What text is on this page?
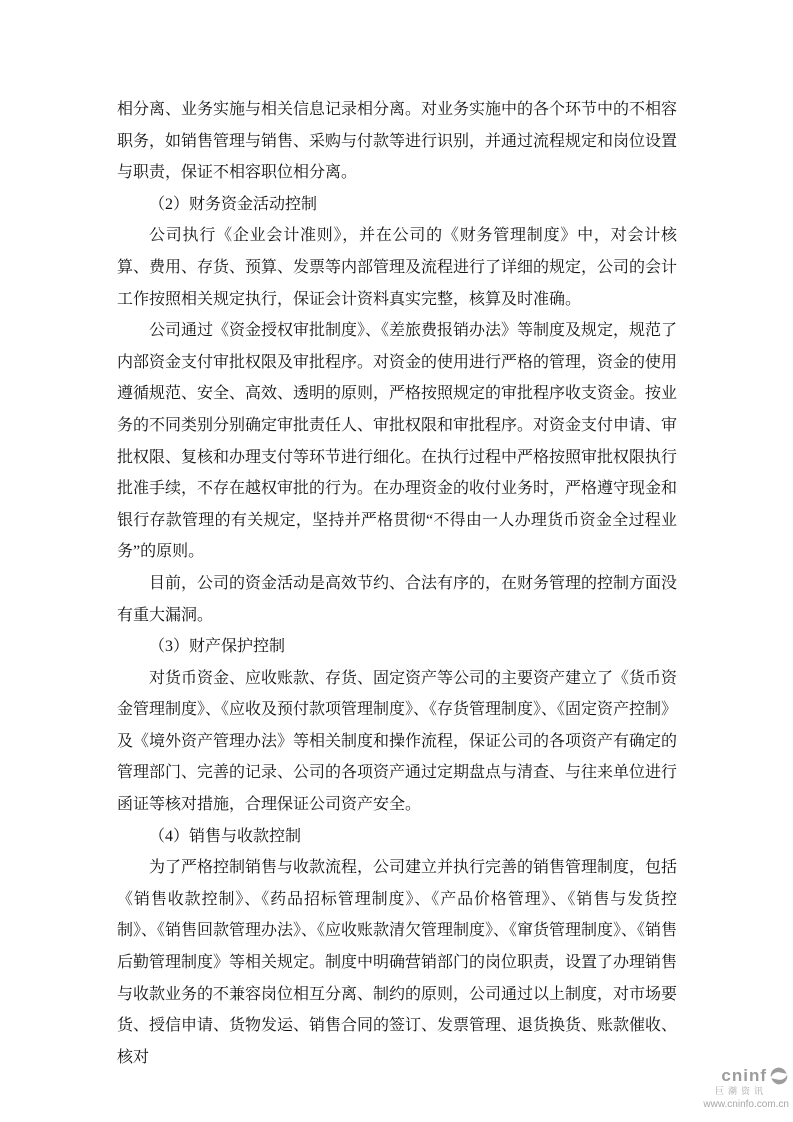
相分离、业务实施与相关信息记录相分离。对业务实施中的各个环节中的不相容职务，如销售管理与销售、采购与付款等进行识别，并通过流程规定和岗位设置与职责，保证不相容职位相分离。

（2）财务资金活动控制

公司执行《企业会计准则》，并在公司的《财务管理制度》中，对会计核算、费用、存货、预算、发票等内部管理及流程进行了详细的规定，公司的会计工作按照相关规定执行，保证会计资料真实完整，核算及时准确。

公司通过《资金授权审批制度》、《差旅费报销办法》等制度及规定，规范了内部资金支付审批权限及审批程序。对资金的使用进行严格的管理，资金的使用遵循规范、安全、高效、透明的原则，严格按照规定的审批程序收支资金。按业务的不同类别分别确定审批责任人、审批权限和审批程序。对资金支付申请、审批权限、复核和办理支付等环节进行细化。在执行过程中严格按照审批权限执行批准手续，不存在越权审批的行为。在办理资金的收付业务时，严格遵守现金和银行存款管理的有关规定，坚持并严格贯彻“不得由一人办理货币资金全过程业务”的原则。

目前，公司的资金活动是高效节约、合法有序的，在财务管理的控制方面没有重大漏洞。

（3）财产保护控制

对货币资金、应收账款、存货、固定资产等公司的主要资产建立了《货币资金管理制度》、《应收及预付款项管理制度》、《存货管理制度》、《固定资产控制》及《境外资产管理办法》等相关制度和操作流程，保证公司的各项资产有确定的管理部门、完善的记录、公司的各项资产通过定期盘点与清查、与往来单位进行函证等核对措施，合理保证公司资产安全。

（4）销售与收款控制

为了严格控制销售与收款流程，公司建立并执行完善的销售管理制度，包括《销售收款控制》、《药品招标管理制度》、《产品价格管理》、《销售与发货控制》、《销售回款管理办法》、《应收账款清欠管理制度》、《窜货管理制度》、《销售后勤管理制度》等相关规定。制度中明确营销部门的岗位职责，设置了办理销售与收款业务的不兼容岗位相互分离、制约的原则，公司通过以上制度，对市场要货、授信申请、货物发运、销售合同的签订、发票管理、退货换货、账款催收、核对

cninf
巨潮资讯
www.cninfo.com.cn
